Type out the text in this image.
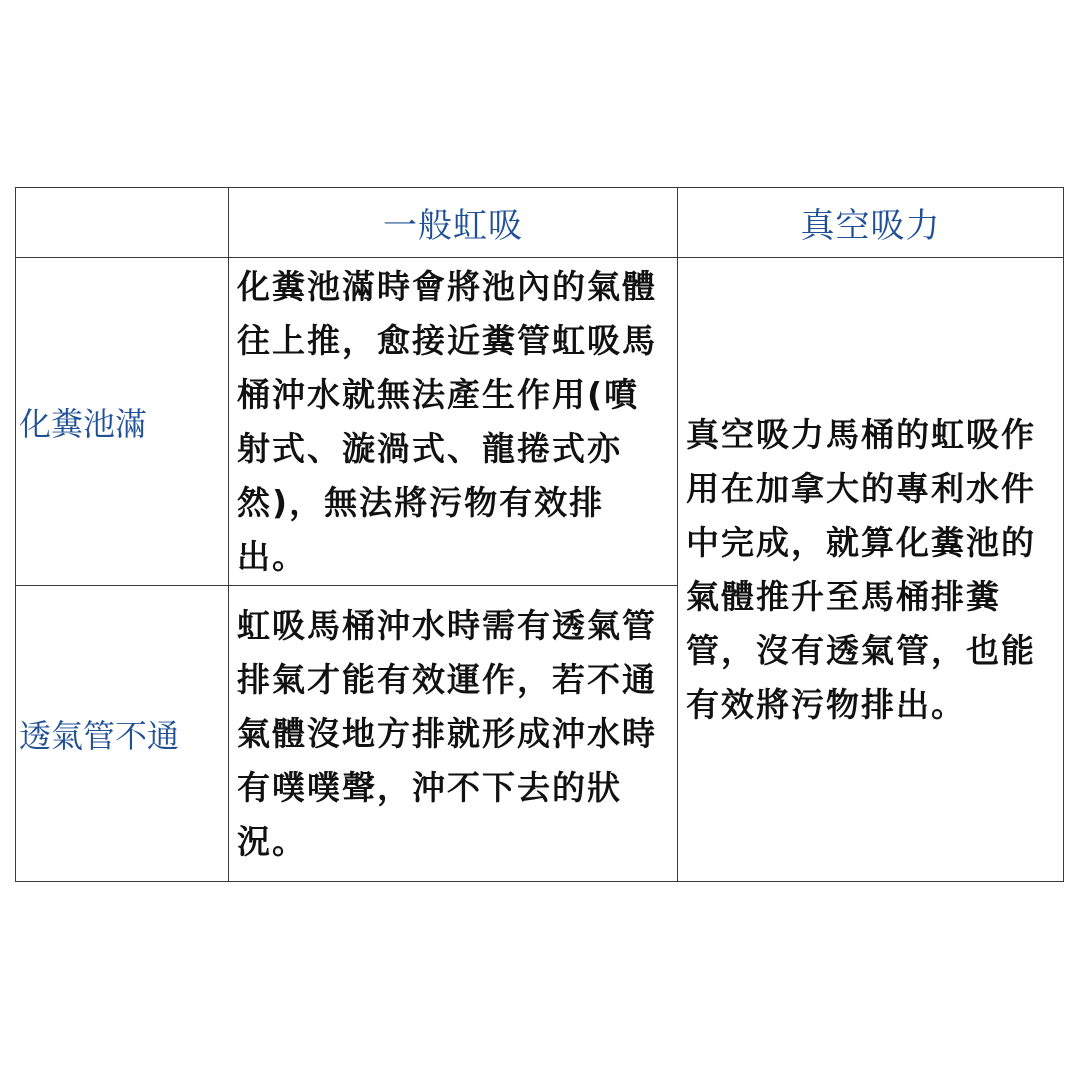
	一般虹吸	真空吸力
化糞池滿	化糞池滿時會將池內的氣體往上推，愈接近糞管虹吸馬桶沖水就無法產生作用(噴射式、漩渦式、龍捲式亦然)，無法將污物有效排出。	真空吸力馬桶的虹吸作用在加拿大的專利水件中完成，就算化糞池的氣體推升至馬桶排糞管，沒有透氣管，也能有效將污物排出。

透氣管不通	虹吸馬桶沖水時需有透氣管排氣才能有效運作，若不通氣體沒地方排就形成沖水時有噗噗聲，沖不下去的狀況。	
